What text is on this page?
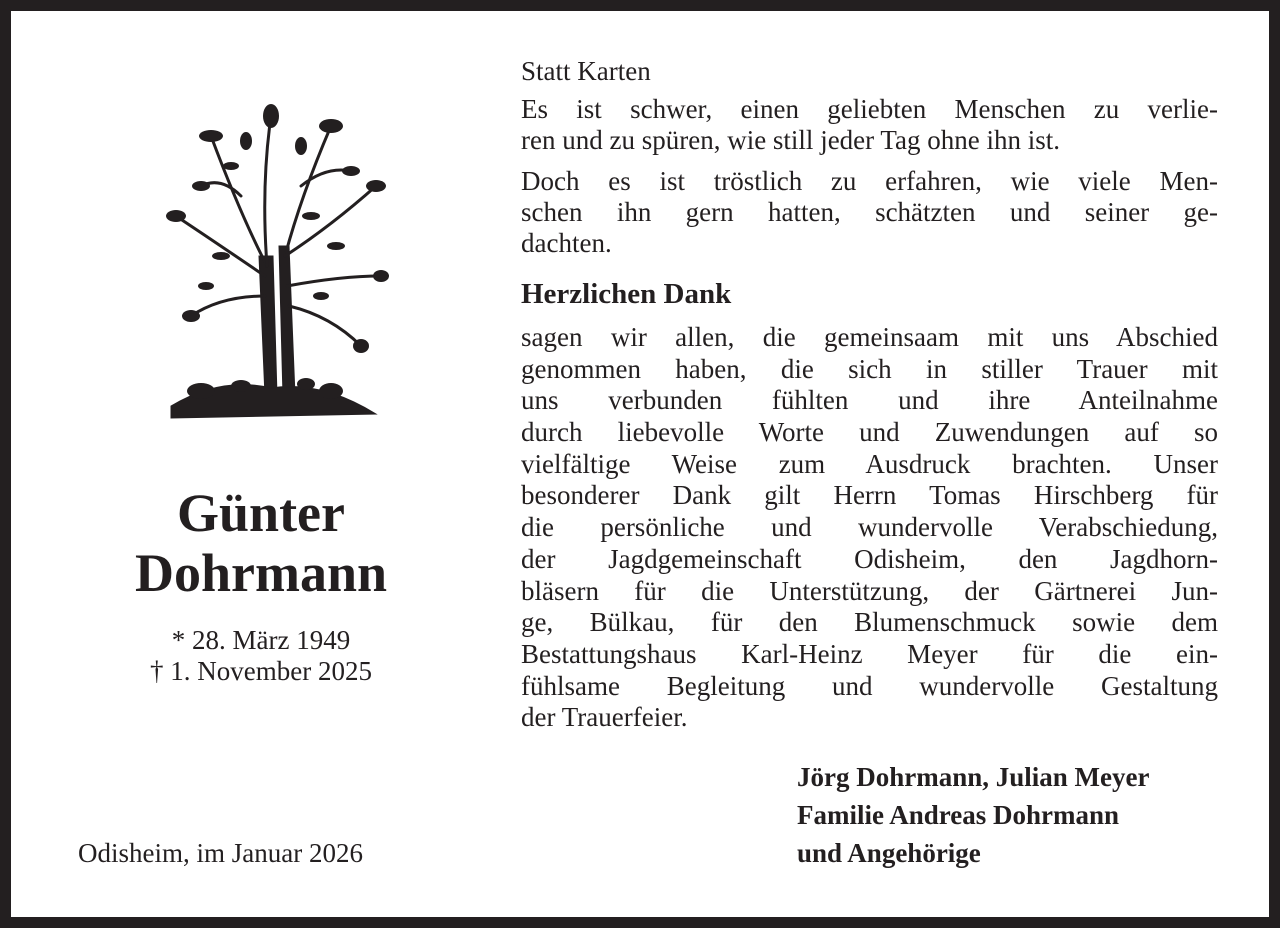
Günter
Dohrmann
* 28. März 1949
† 1. November 2025
Odisheim, im Januar 2026
Statt Karten
Es ist schwer, einen geliebten Menschen zu verlie-
ren und zu spüren, wie still jeder Tag ohne ihn ist.
Doch es ist tröstlich zu erfahren, wie viele Men-
schen ihn gern hatten, schätzten und seiner ge-
dachten.
Herzlichen Dank
sagen wir allen, die gemeinsaam mit uns Abschied
genommen haben, die sich in stiller Trauer mit
uns verbunden fühlten und ihre Anteilnahme
durch liebevolle Worte und Zuwendungen auf so
vielfältige Weise zum Ausdruck brachten. Unser
besonderer Dank gilt Herrn Tomas Hirschberg für
die persönliche und wundervolle Verabschiedung,
der Jagdgemeinschaft Odisheim, den Jagdhorn-
bläsern für die Unterstützung, der Gärtnerei Jun-
ge, Bülkau, für den Blumenschmuck sowie dem
Bestattungshaus Karl-Heinz Meyer für die ein-
fühlsame Begleitung und wundervolle Gestaltung
der Trauerfeier.
Jörg Dohrmann, Julian Meyer
Familie Andreas Dohrmann
und Angehörige
